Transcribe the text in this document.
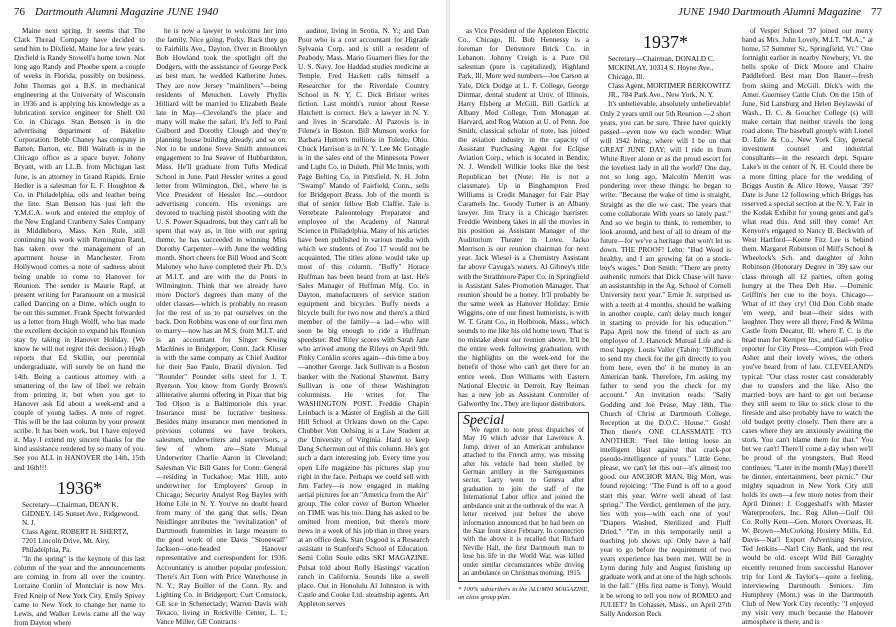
76 Dartmouth Alumni Magazine JUNE 1940

Maine next spring. It seems that The Clark Thread Company have decided to send him to Dixfield, Maine for a few years. Dixfield is Randy Stowell's home town. Not long ago Randy and Phoebe spent a couple of weeks in Florida, possibly on business. John Thomas got a B.S. in mechanical engineering at the University of Wisconsin in 1936 and is applying his knowledge as a lubrication service engineer for Shell Oil Co. in Chicago. Stan Bensen is in the advertising department of Bakelite Corporation. Bobb Chaney has company in Batten, Barton, etc. Bill Walrath is in the Chicago office as a space buyer. Johnny Bryant, with an LL.B. from Michigan last June, is an attorney in Grand Rapids. Ernie Hedler is a salesman for E. F. Houghton & Co. in Philadelphia, oils and leather being the line. Stan Benson has just left the Y.M.C.A. work and entered the employ of the New England Cranberry Sales Company in Middleboro, Mass. Ken Rule, still continuing his work with Remington Rand, has taken over the management of an apartment house in Manchester. From Hollywood comes a note of sadness about being unable to come to Hanover for Reunion. The sender is Maurie Rapf, at present writing for Paramount on a musical called Dancing on a Dime, which ought to be out this summer. Frank Specht forwarded us a letter from Hugh Wolff, who has made the excellent decision to expand his Reunion stay by taking in Hanover Holiday. (We know he will not regret this decision.) Hugh reports that Ed Skillin, our perennial undergraduate, will surely be on hand the 14th. Being a cautious attorney with a smattering of the law of libel we refrain from printing it, but when you get to Hanover ask Ed about a week-end and a couple of young ladies. A note of regret. This will be the last column by your present scribe. It has been work, but I have enjoyed it. May I extend my sincere thanks for the kind assistance rendered by so many of you. See you ALL in HANOVER the 14th, 15th and 16th!!!

1936*
Secretary—Chairman, DEAN K. GIDNEY, 145 Sunset Ave., Ridgewood, N. J.
Class Agent, ROBERT H. SHERTZ, 7201 Lincoln Drive, Mt. Airy, Philadelphia, Pa.

"In the spring" is the keynote of this last column of the year and the announcements are coming in from all over the country. Lorraine Conlin of Montclair is now Mrs. Fred Kneip of New York City. Emily Spivey came to New York to change her name to Lewis, and Walker Lewis came all the way from Dayton where

he is now a lawyer to welcome her into the family. Nice going, Porky. Back they go to Fairhills Ave., Dayton. Over in Brooklyn Bob Howland took the spotlight off the Dodgers, with the assistance of George Peck as best man, he wedded Katherine Jones. They are now Jersey "mainliners"—being residents of Metuchen. Lovely Phyllis Hilliard will be married to Elizabeth Beale late in May—Cleveland's the place and many will make the safari. It's Jeff to Paul Gulbord and Dorothy Clough and they're planning house building already; and so on. Not to be undone Steve Smith announces engagement to Ina Seaver of Hubbardston, Mass. He'll graduate from Tufts Medical School in June. Paul Hessler writes a good letter from Wilmington, Del., where he is Vice President of Hessler Inc.—outdoor advertising concern. His evenings are devoted to teaching pistol shooting with the U. S. Power Squadrons, but they can't all be spent that way as, in line with our spring theme, he has succeeded in winning Miss Dorothy Carpenter—with June the wedding month. Short cheers for Bill Wood and Scott Maloney who have completed their Ph. D.'s at M.I.T. and are with the du Ponts in Wilmington. Think that we already have more Doctor's degrees than many of the older classes—which is probably no reason for the rest of us to pat ourselves on the back. Don Robbins was one of our first men to marry—now has an M.S. from M.I.T. and is an accountant for Singer Sewing Machines in Bridgeport, Conn. Jack Kluser is with the same company as Chief Auditor for their Sao Paulo, Brazil division. Ted "Rounder" Pounder sells steel for J. T. Ryerson. You know from Gordy Brown's alliterative alumni offering in Pixar that big Ted Olson is a Baltimoriole this year. Insurance must be lucrative business. Besides many insurance men mentioned in previous columns we have brokers, salesmen, underwriters and supervisors, a few of whom are—State Mutual Underwriter Charlie Aaron in Cleveland; Salesman Vic Bill Gates for Conn. General—residing in Tuckahoe; Mac Hill, auto underwriter for Employers' Group in Chicago; Security Analyst Rog Bayles with Home Life in N. Y. You've no doubt heard from many of the gang that sells. Dean Neidlinger attributes the "revitalization" of Dartmouth fraternities in large measure to the good work of one Davis "Stonewall" Jackson—one-headed Hanover representative and correspondent for 1936. Accountancy is another popular profession. There's Art Tonn with Price Waterhouse in N. Y.; Ray Boiller of the Conn. Ry. and Lighting Co. in Bridgeport; Curt Comstock, GE sce in Schenectady; Warren Davis with Texaco, living in Rockville Center, L. I.; Vance Miller, GE Contracts

auditor, living in Scotia, N. Y.; and Dan Poor who is a cost accountant for Higrade Sylvania Corp. and is still a resident of Peabody, Mass. Mario Guarneri flies for the U. S. Navy. Joe Haddad studies medicine at Temple. Fred Hackett calls himself a Researcher for the Riverdale Country School in N. Y. C. Dick Brister writes fiction. Last month's rumor about Reese Hatchett is correct. He's a lawyer in N. Y. and lives in Scarsdale. Al Pazovis is in Filene's in Boston. Bill Munson works for Barbara Hutton's millions in Toledo, Ohio. Chuck Harrison is in N. Y. Lee Mc Gonagle is in the sales end of the Minnesota Power and Light Co. in Duluth. Phil Mc Innis, with Page Belting Co. in Pittsfield, N. H. John "Swamp" Mando of Fairfield, Conn., sells for Bridgeport Brass. Job of the month is that of senior fellow Bob Claffie. Tale is Vertebrate Paleontology Preparator and employee of the Academy of Natural Science in Philadelphia. Many of his articles have been published in various media with which we students of Zoo 17 would not be acquainted. The titles alone would take up most of this column. "Buffy" Horace Huffman has been heard from at last. He's Sales Manager of Huffman Mfg. Co. in Dayton, manufacturers of service station equipment and bicycles. Buffy needs a bicycle built for two now and there's a third member of the family—a lad—who will soon be big enough to ride a Huffman speedster. Red Riley scores with Sarah Jane who arrived among the Rileys on April 9th. Pinky Conklin scores again—this time a boy—another George. Jack Sullivan is a Boston banker with the National Shawmut. Barry Sullivan is one of those Washington columnists. He writes for The WASHINGTON POST. Freddie Chapin Leinbach is a Master of English at the Gill Hill School at Orleans down on the Cape. Chubber Von Oehsing is a Law Student at the University of Virginia. Hard to keep Dang Schermun out of this column. He's got such a darn interesting job. Every time you open Life magazine his pictures slap you right in the face. Perhaps we could sell with Jim Farley—is now engaged in making aerial pictures for an "America from the Air" group. The color cover of Burton Wheeler on TIME was his too. Dang has asked to be omitted from mention, but there's more news in a week of his job than in three years at an office desk. Stan Osgood is a Research assistant in Stanford's School of Education. Semi Colin Soule edits SKI MAGAZINE. Pulsat told about Rolly Hastings' vacation ranch in California. Sounds like a swell place. Out in Honolulu Al Johnston is with Castle and Cooke Ltd. steamship agents. Art Appleton serves

JUNE 1940 Dartmouth Alumni Magazine 77

as Vice President of the Appleton Electric Co., Chicago, Ill. Bob Hennessy is a foreman for Densmore Brick Co. in Lebanon. Johnny Creigh is a Pure Oil salesman (pure is capitalized), Highland Park, Ill. More wed numbers—Joe Carson at Yale, Dick Dodge at L. F. College, George Dittmar, dental student at Univ. of Illinois, Harry Elsberg at McGill, Bill Garlick at Albany Med College, Tom Monagan at Harvard, and Rog Watson at U. of Penn. Joe Smith, classical scholar of note, has joined the aviation industry in the capacity of Assistant Purchasing Agent for Eclipse Aviation Corp., which is located in Bendix, N. J. Wendell Willkie looks like the best Republican bet (Note: He is not a classmate). Up in Binghampton Fred Williams is Credit Manager for Fair Play Caramels Inc. Goody Turner is an Albany lawyer. Jim Tracy is a Chicago barrister. Freddie Weinberg takes in all the movies in his position as Assistant Manager of the Auditorium Theater in Lowe. Jacko Morrison is our reunion chairman for next year. Jack Wiesel is a Chemistry Assistant far above Cayuga's waters. Al Gibney's title with the Strathmore Paper Co. in Springfield is Assistant Sales Promotion Manager. That reunion should be a honey. It'll probably be the same week as Hanover Holiday. Ernie Wiggins, one of our finest humorists, is with W. T. Grant Co., in Holbrook, Mass., which sounds to me like his old home town. That is no mistake about our reunion above. It'll be the entire week following graduation, with the highlights on the week-end for the benefit of those who can't get there for an entire week. Don Williams with Eastern National Electric in Detroit. Ray Reiman has a new job as Assistant Controller of Galworthy Inc. They are liquor distributors.

Special

We regret to note press dispatches of May 16 which advise that Lawrence A. Jump, driver of an American ambulance attached to the French army, was missing after his vehicle had been shelled by German artillery in the Sarreguemines sector. Larry went to Geneva after graduation to join the staff of the International Labor office and joined the ambulance unit at the outbreak of the war. A letter received just before the above information announced that he had been on the Saar front since February. In connection with the above it is recalled that Richard Neville Hall, the first Dartmouth man to lose his life in the World War, was killed under similar circumstances while driving an ambulance on Christmas morning, 1915.

* 100% subscribers to the ALUMNI MAGAZINE, on class group plan.
1937*
Secretary—Chairman, DONALD C. MCKINLAY, 10314 S. Hoyne Ave., Chicago, Ill.
Class Agent, MORTIMER BERKOWITZ JR., 784 Park Ave., New York, N. Y.

It's unbelievable, absolutely unbelievable! Only 2 years until our 5th Reunion —2 short years, you can be sure. Three have quickly passed—even now we each wonder: What will 1942 bring; where will I be on that GREAT JUNE DAY; will I ride in from White River alone or as the proud escort for the loveliest lady in all the world? One day, not so long ago, Malcolm Merritt was pondering over these things; he began to write: "Because the wake of time is straight, Straight as the die we cast, The years that come collaborate With years so lately past." And so we begin to think, to remember, to look around, and best of all to dream of the future—for we've a heritage that won't let us down. THE PROOF! Lehn: "Bud Wood is healthy, and I am growing fat on a stock-boy's wages." Don Smith: "There are pretty authentic rumors that Dick Chase will have an assistantship in the Ag. School of Cornell University next year." Ernie Jr. surprised us with a teeth at 4 months, should be walking in another couple, can't delay much longer in starting to provide for his education." Papa April now the friend of such as are employee of J. Hancock Mutual Life and is most happy. Louis Valler (Tabin): "Difficult to send my check for the gift directly to you from here, even tho' it be money in an American bank. Therefore, I'm asking my father to send you the check for my account." An invitation reads: "Sally Godding and Joe Pease, May 18th. The Church of Christ at Dartmouth College. Reception at the D.O.C. House." Gosh! Then there's ONE CLASSMATE TO ANOTHER: "Feel like letting loose an intelligent blast against that crack-pot pseudo-intelligence of yours." Little Gene, please, we can't let this out—it's almost too good. our ANCHOR MAN, Big Mort, was found rejoicing: "The Fund is off to a good start this year. We're well ahead of last spring." The Verdict, gentlemen of the jury, lies with you—with each one of you! "Diapers Washed, Sterilized and Fluff Dried." "I'm in this temporarily until a teaching job shows up. Only have a half year to go before the requirement of two years experience has been met. Will be in Lynn during July and August finishing up graduate work and at one of the high schools in the fall." (His first name is Tony). Would it be wrong to tell you now of ROMEO and JULIET? In Cohasset, Mass., on April 27th Sally Anderson Reck

of Vesper School '37 joined our merry band as Mrs. John Lovely, M.I.T. "M.A.," at home, 57 Summer St., Springfield, Vt." One fortnight earlier in nearby Newbury, Vt. the bells spoke of Dick Moore and Chaire Paddleford. Best man Don Bauer—fresh from skiing and McGill. Dick's with the Amer. Guernsey Cattle Club. On the 15th of June, Sid Lansburg and Helen Beylawski of Wash., D. C. & Goucher College (s) will make certain that neither travels the long road alone. The baseball group's with Lionel D. Edie & Co., New York City, general investment counsel and industrial consultants—in the research dept. Square Lake's in the center of N. H. Could there be a more fitting place for the wedding of Briggs Austin & Alice Howe, Vassar '39? Date is June 12 following which Briggs has reserved a special section at the N. Y. Fair in the Kodak Exhibit for young gents and gal's what read this. And still they come! Art Kenyon's engaged to Nancy B. Beckwith of West Hartford—Keene Fitz Lee is behind them. Margaret Robinson of Mill's School & Wheelock's Sch. and daughter of John Robinson (Honorary Degree in '39) saw our class through all 12 parties, often going hungry at the Thea Delt Hse. —Dominic Griffin's her cue to the boys. Chicago—What of it! they cry! Old Don Cobb made 'em weep, and beat—their sides with laughter. They were all there; Fred & Wilma Castle from Decatur, Ill. where F. C. is the head man for Kemper Ins., and Gail—police reporter for City Press—Compton with Fred Asher and their lovely wives, the others you've heard from of late. CLEVELAND's typical: "Our class roster cast considerably due to transfers and the like. Also the married boys are hard to get out because they still seem to like to stick close to the fireside and also probably have to watch the old budget pretty closely. Then there are a cases where they are anxiously awaiting the stork. You can't blame them for that." You bet we can't! There'll come a day when we'll be proud of the youngsters. Bud Reed continues: "Later in the month (May) there'll be dinner, entertainment, beer picnic." Our mighty squadron in New York City still holds its own—a few more notes from their April Dinner: J. Coggeshall's with Master Waterproofers, Inc. Rog Allen—Gulf Oil Co. Rolly Kent—Gen. Motors Overseas, H. W. Brown—McCorking Hosiery Mills, Ed. Davis—Nat'l Export Advertising Service, Ted Jenkins—Nat'l City Bank, and the rest would be old. except Wild Bill Geraghty recently returned from successful Hanover trip for Lord & Taylor's—quite a feeling, interviewing Dartmouth Seniors. Jim Humphrey (Mont.) was in the Dartmouth Club of New York City recently: "I enjoyed my visit very much because the Hanover atmosphere is there, and is
